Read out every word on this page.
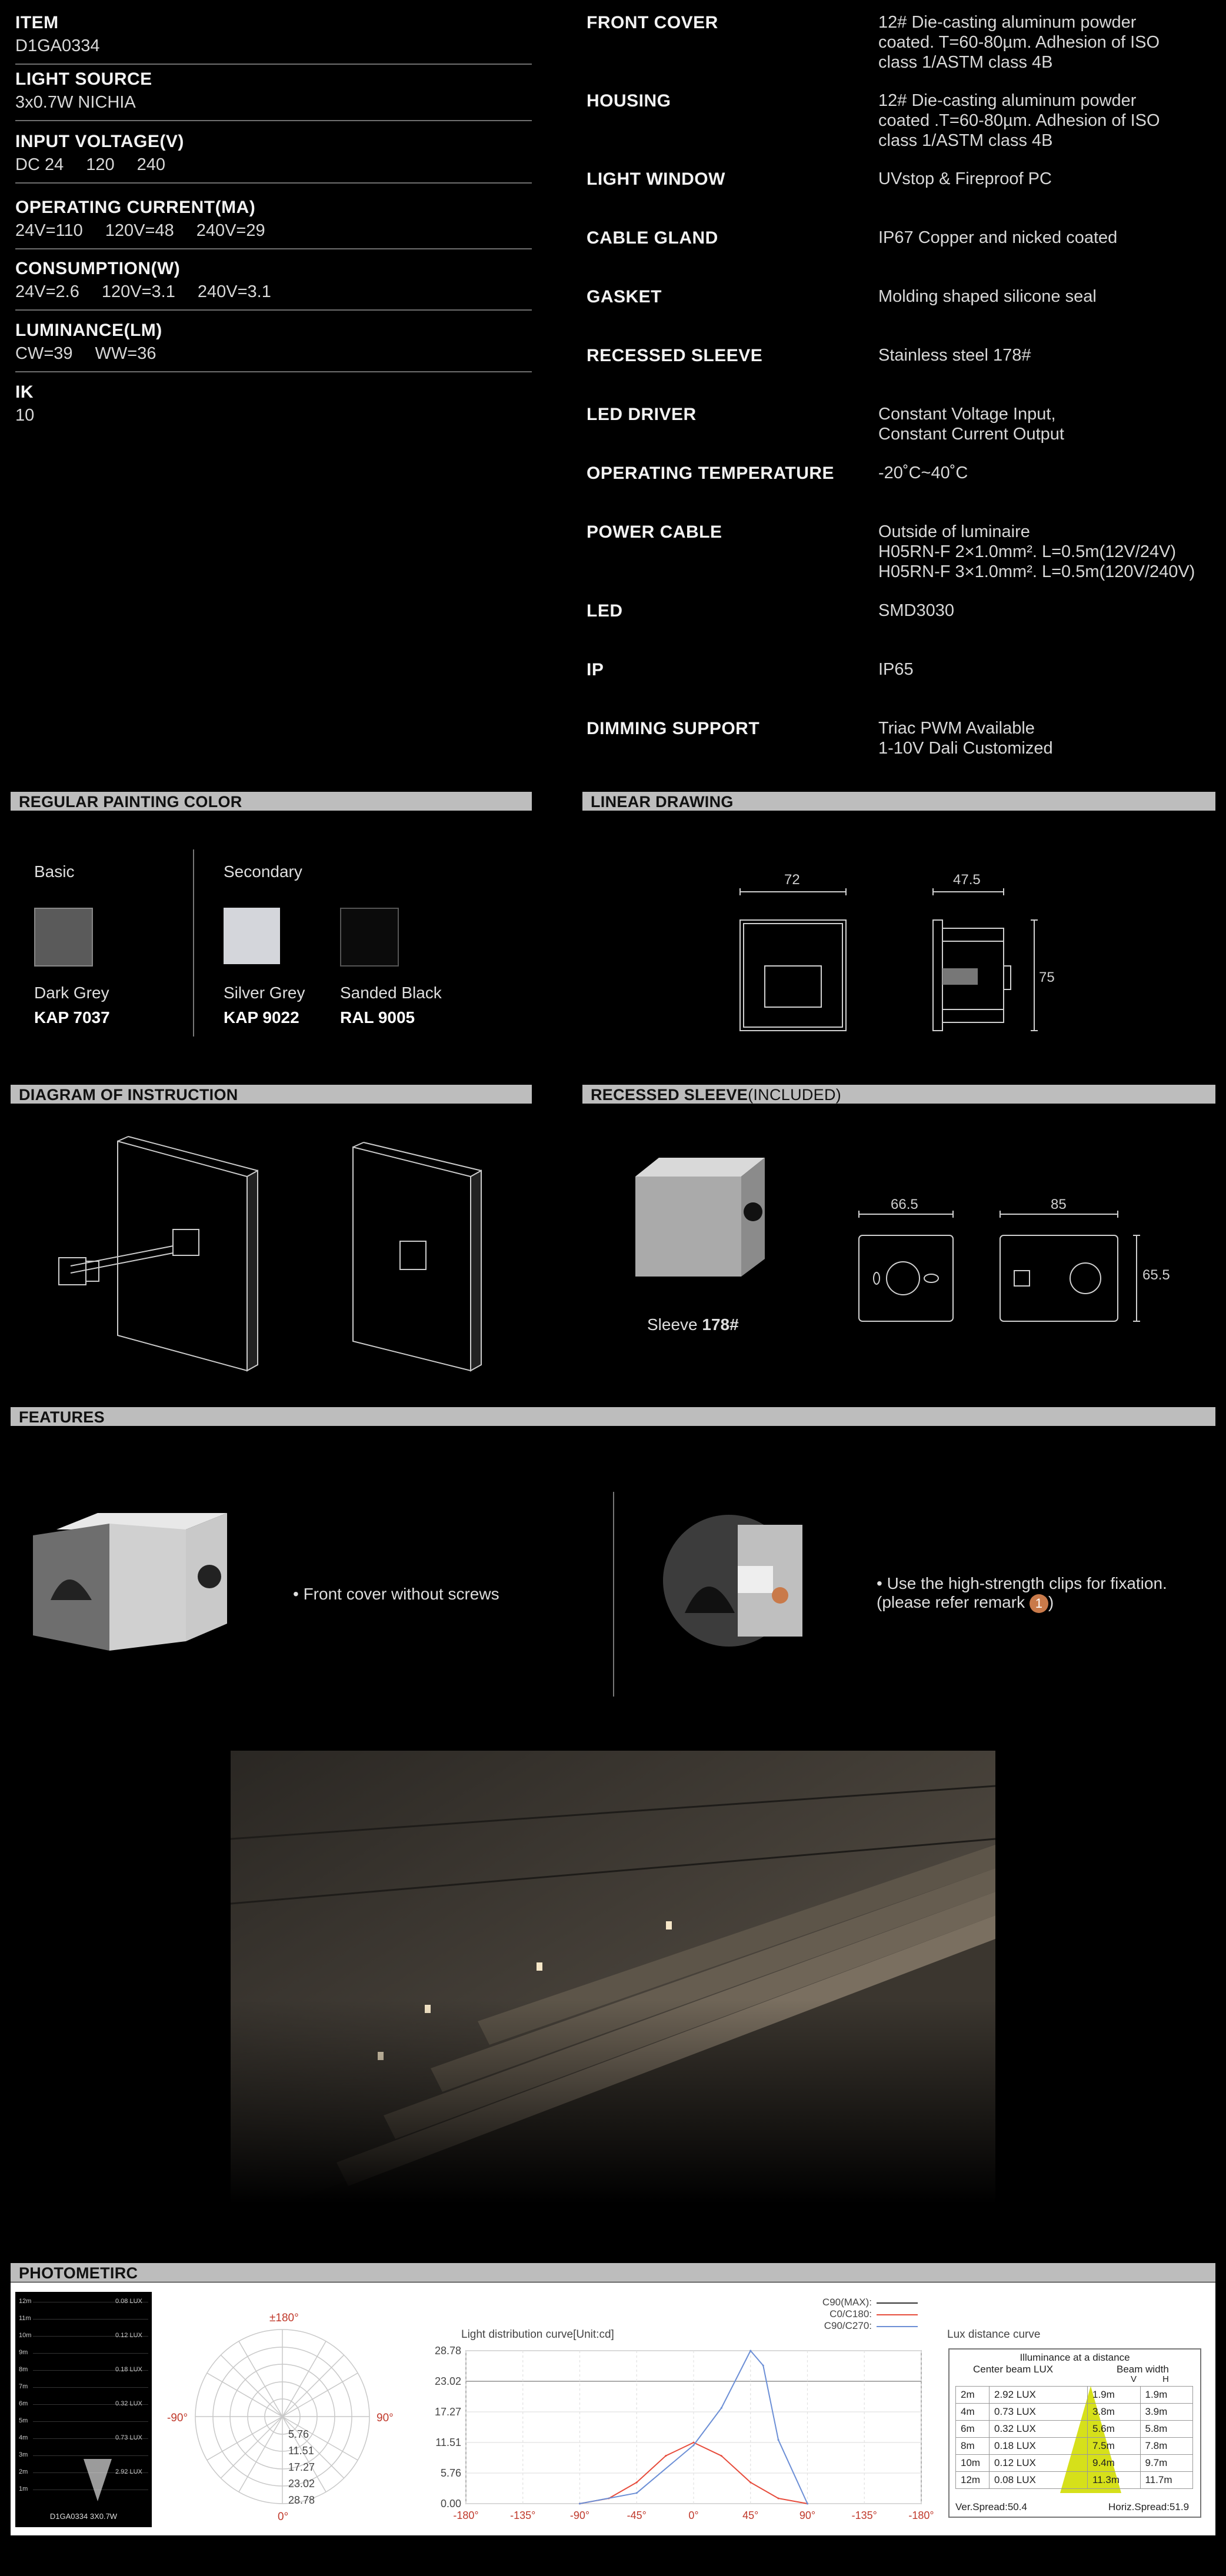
ITEM
D1GA0334
LIGHT SOURCE
3x0.7W NICHIA
INPUT VOLTAGE(V)
DC 24 120 240
OPERATING CURRENT(MA)
24V=110 120V=48 240V=29
CONSUMPTION(W)
24V=2.6 120V=3.1 240V=3.1
LUMINANCE(LM)
CW=39 WW=36
IK
10
FRONT COVER	12# Die-casting aluminum powder
coated. T=60-80µm. Adhesion of ISO
class 1/ASTM class 4B
HOUSING	12# Die-casting aluminum powder
coated .T=60-80µm. Adhesion of ISO
class 1/ASTM class 4B
LIGHT WINDOW	UVstop & Fireproof PC
CABLE GLAND	IP67 Copper and nicked coated
GASKET	Molding shaped silicone seal
RECESSED SLEEVE	Stainless steel 178#
LED DRIVER	Constant Voltage Input,
Constant Current Output
OPERATING TEMPERATURE	-20˚C~40˚C
POWER CABLE	Outside of luminaire
H05RN-F 2×1.0mm². L=0.5m(12V/24V)
H05RN-F 3×1.0mm². L=0.5m(120V/240V)
LED	SMD3030
IP	IP65
DIMMING SUPPORT	Triac PWM Available
1-10V Dali Customized
REGULAR PAINTING COLOR	LINEAR DRAWING
DIAGRAM OF INSTRUCTION	RECESSED SLEEVE(INCLUDED)
FEATURES
PHOTOMETIRC
Basic	Secondary
Dark Grey
KAP 7037
Silver Grey
KAP 9022
Sanded Black
RAL 9005
72	47.5
75
Sleeve 178#
66.5	85
65.5
• Front cover without screws
• Use the high-strength clips for fixation.
(please refer remark 1 )
12m
11m
10m
9m
8m
7m
6m
5m
4m
3m
2m
1m
0.08 LUX
0.12 LUX
0.18 LUX
0.32 LUX
0.73 LUX
2.92 LUX
D1GA0334 3X0.7W
±180°
-90°	90°
0°
5.76
11.51
17.27
23.02
28.78
Light distribution curve[Unit:cd]
C90(MAX):
C0/C180:
C90/C270:
0.00
5.76
11.51
17.27
23.02
28.78
-180°	-135°	-90°	-45°	0°	45°	90°	-135°	-180°
Lux distance curve
Illuminance at a distance
Center beam LUX	Beam width
V	H
2m	2.92 LUX	1.9m	1.9m
4m	0.73 LUX	3.8m	3.9m
6m	0.32 LUX	5.6m	5.8m
8m	0.18 LUX	7.5m	7.8m
10m	0.12 LUX	9.4m	9.7m
12m	0.08 LUX	11.3m	11.7m
Ver.Spread:50.4	Horiz.Spread:51.9
